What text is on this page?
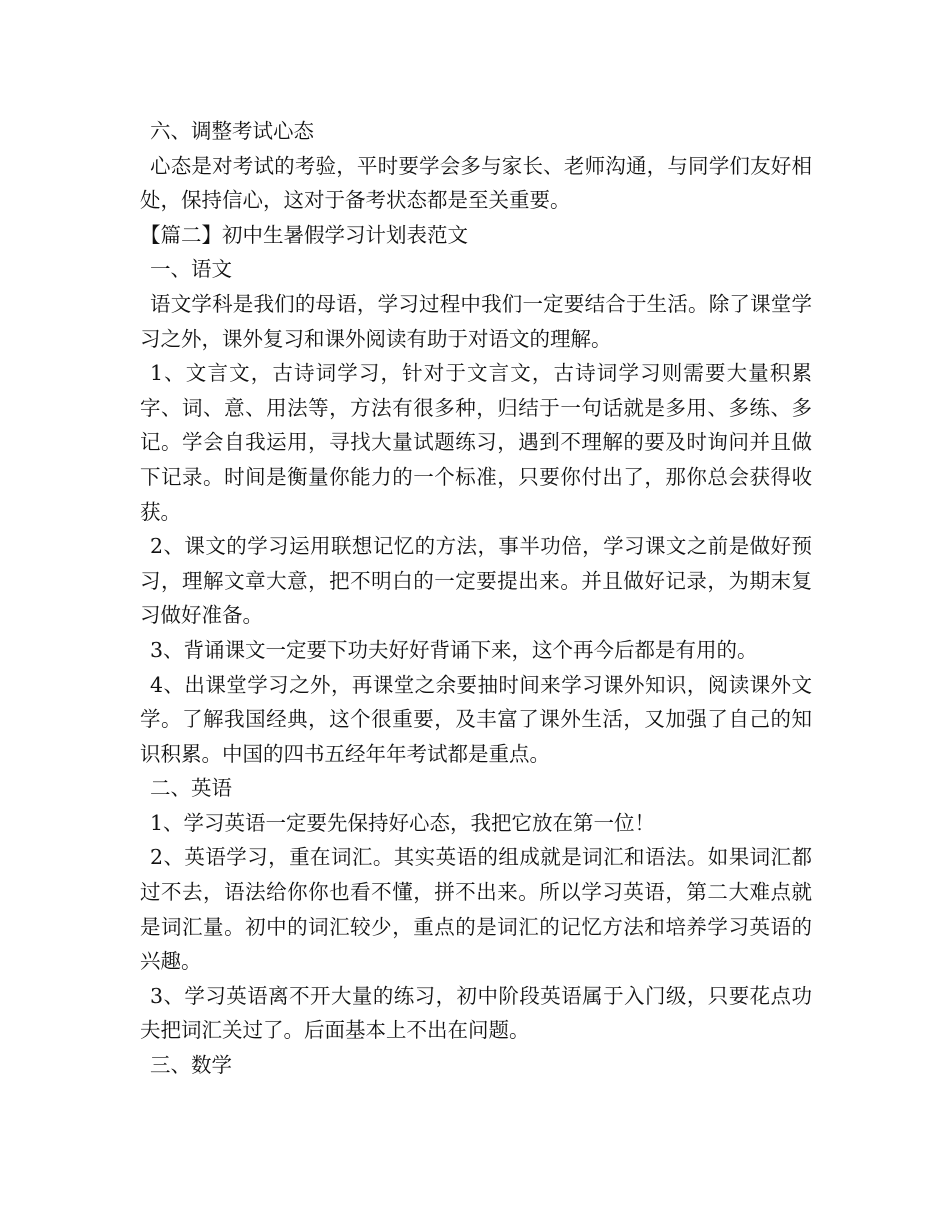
六、调整考试心态

心态是对考试的考验，平时要学会多与家长、老师沟通，与同学们友好相处，保持信心，这对于备考状态都是至关重要。

【篇二】初中生暑假学习计划表范文

一、语文

语文学科是我们的母语，学习过程中我们一定要结合于生活。除了课堂学习之外，课外复习和课外阅读有助于对语文的理解。

1、文言文，古诗词学习，针对于文言文，古诗词学习则需要大量积累字、词、意、用法等，方法有很多种，归结于一句话就是多用、多练、多记。学会自我运用，寻找大量试题练习，遇到不理解的要及时询问并且做下记录。时间是衡量你能力的一个标准，只要你付出了，那你总会获得收获。

2、课文的学习运用联想记忆的方法，事半功倍，学习课文之前是做好预习，理解文章大意，把不明白的一定要提出来。并且做好记录，为期末复习做好准备。

3、背诵课文一定要下功夫好好背诵下来，这个再今后都是有用的。

4、出课堂学习之外，再课堂之余要抽时间来学习课外知识，阅读课外文学。了解我国经典，这个很重要，及丰富了课外生活，又加强了自己的知识积累。中国的四书五经年年考试都是重点。

二、英语

1、学习英语一定要先保持好心态，我把它放在第一位！

2、英语学习，重在词汇。其实英语的组成就是词汇和语法。如果词汇都过不去，语法给你你也看不懂，拼不出来。所以学习英语，第二大难点就是词汇量。初中的词汇较少，重点的是词汇的记忆方法和培养学习英语的兴趣。

3、学习英语离不开大量的练习，初中阶段英语属于入门级，只要花点功夫把词汇关过了。后面基本上不出在问题。

三、数学
